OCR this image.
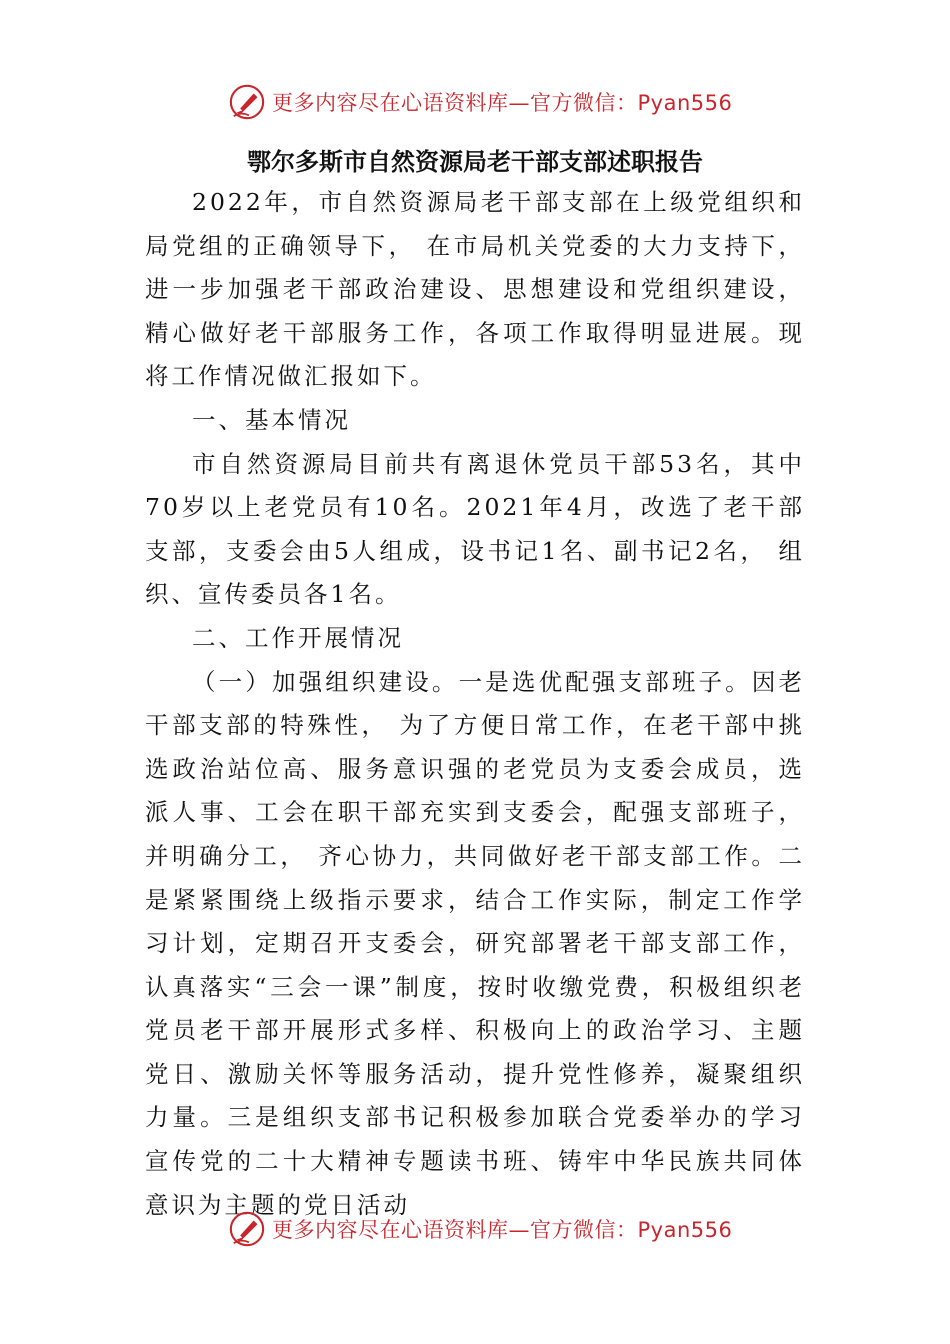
更多内容尽在心语资料库—官方微信：Pyan556
鄂尔多斯市自然资源局老干部支部述职报告

2022年，市自然资源局老干部支部在上级党组织和局党组的正确领导下， 在市局机关党委的大力支持下，进一步加强老干部政治建设、思想建设和党组织建设，精心做好老干部服务工作，各项工作取得明显进展。现将工作情况做汇报如下。

一、基本情况

市自然资源局目前共有离退休党员干部53名，其中70岁以上老党员有10名。2021年4月，改选了老干部支部，支委会由5人组成，设书记1名、副书记2名， 组织、宣传委员各1名。

二、工作开展情况

（一）加强组织建设。一是选优配强支部班子。因老干部支部的特殊性， 为了方便日常工作，在老干部中挑选政治站位高、服务意识强的老党员为支委会成员，选派人事、工会在职干部充实到支委会，配强支部班子，并明确分工， 齐心协力，共同做好老干部支部工作。二是紧紧围绕上级指示要求，结合工作实际，制定工作学习计划，定期召开支委会，研究部署老干部支部工作，认真落实“三会一课”制度，按时收缴党费，积极组织老党员老干部开展形式多样、积极向上的政治学习、主题党日、激励关怀等服务活动，提升党性修养，凝聚组织力量。三是组织支部书记积极参加联合党委举办的学习宣传党的二十大精神专题读书班、铸牢中华民族共同体意识为主题的党日活动

更多内容尽在心语资料库—官方微信：Pyan556
